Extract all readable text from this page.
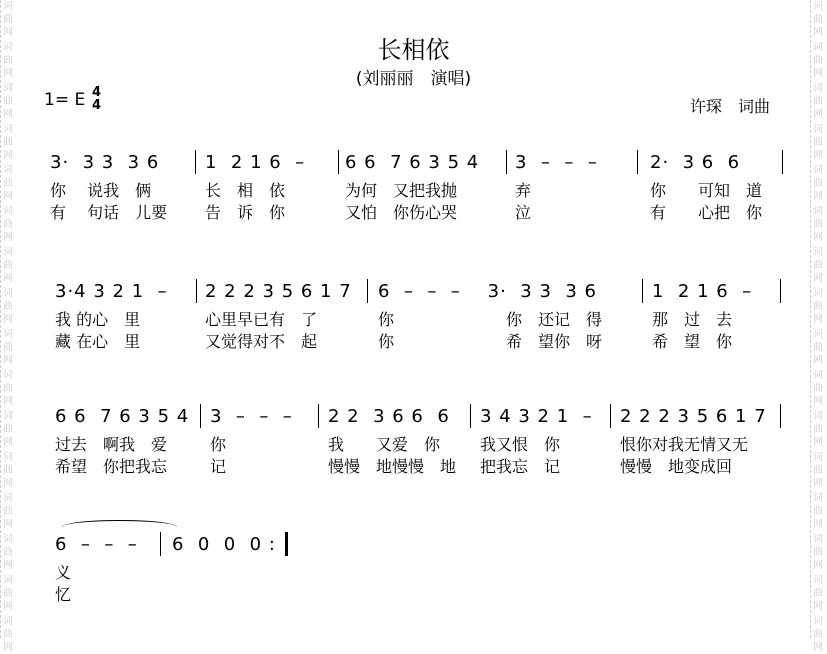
词
曲
网
词
曲
网
词
曲
网
词
曲
网
词
曲
网
词
曲
网
词
曲
网
词
曲
网
词
曲
网
词
曲
网
词
曲
网
词
曲
网
词
曲
网
词
曲
网
词
曲
网
词
曲
网
词
曲
网
词
曲
网
词
曲
网
词
曲
网
词
曲
网
词
曲
网
词
曲
网
词
曲
网
词
曲
网
词
曲
网
词
曲
网
词
曲
网
词
曲
网
词
曲
网
词
曲
网
词
曲
网
长相依
(刘丽丽　演唱)
1= E 4
4	许琛　词曲
3·  3 3  3 6
你　 说我　俩
有　 句话　儿要
1  2 1 6  –
长　相　依
告　诉　你
6 6  7 6 3 5 4
为何　又把我抛
又怕　你伤心哭
3  –  –  –
弃
泣
2·  3 6  6
你　　可知　道
有　　心把　你
3·4 3 2 1  –
我 的心　里
藏 在心　里
2 2 2 3 5 6 1 7
心里早已有　了
又觉得对不　起
6  –  –  –    3·  3 3  3 6
你　　　　　　　你　还记　得
你　　　　　　　希　望你　呀
1  2 1 6  –
那　过　去
希　望　你
6 6  7 6 3 5 4
过去　啊我　爱
希望　你把我忘
3  –  –  –
你
记
2 2  3 6 6  6
我　　又爱　你
慢慢　地慢慢　地
3 4 3 2 1  –
我又恨　你
把我忘　记
2 2 2 3 5 6 1 7
恨你对我无情又无
慢慢　地变成回
6  –  –  –
义
忆
6  0  0  0 :
